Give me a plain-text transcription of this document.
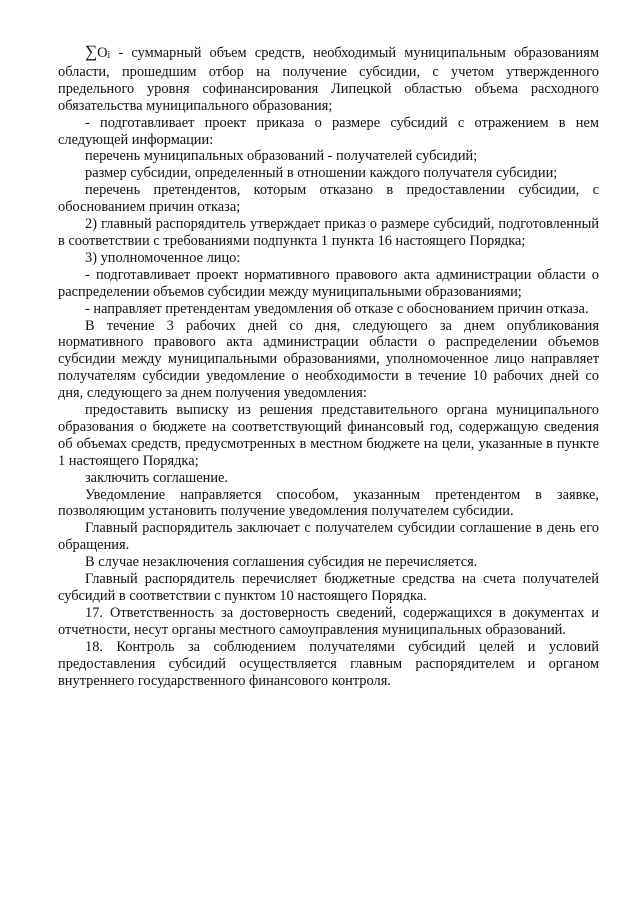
∑Oi - суммарный объем средств, необходимый муниципальным образованиям области, прошедшим отбор на получение субсидии, с учетом утвержденного предельного уровня софинансирования Липецкой областью объема расходного обязательства муниципального образования;

- подготавливает проект приказа о размере субсидий с отражением в нем следующей информации:

перечень муниципальных образований - получателей субсидий;

размер субсидии, определенный в отношении каждого получателя субсидии;

перечень претендентов, которым отказано в предоставлении субсидии, с обоснованием причин отказа;

2) главный распорядитель утверждает приказ о размере субсидий, подготовленный в соответствии с требованиями подпункта 1 пункта 16 настоящего Порядка;

3) уполномоченное лицо:

- подготавливает проект нормативного правового акта администрации области о распределении объемов субсидии между муниципальными образованиями;

- направляет претендентам уведомления об отказе с обоснованием причин отказа.

В течение 3 рабочих дней со дня, следующего за днем опубликования нормативного правового акта администрации области о распределении объемов субсидии между муниципальными образованиями, уполномоченное лицо направляет получателям субсидии уведомление о необходимости в течение 10 рабочих дней со дня, следующего за днем получения уведомления:

предоставить выписку из решения представительного органа муниципального образования о бюджете на соответствующий финансовый год, содержащую сведения об объемах средств, предусмотренных в местном бюджете на цели, указанные в пункте 1 настоящего Порядка;

заключить соглашение.

Уведомление направляется способом, указанным претендентом в заявке, позволяющим установить получение уведомления получателем субсидии.

Главный распорядитель заключает с получателем субсидии соглашение в день его обращения.

В случае незаключения соглашения субсидия не перечисляется.

Главный распорядитель перечисляет бюджетные средства на счета получателей субсидий в соответствии с пунктом 10 настоящего Порядка.

17. Ответственность за достоверность сведений, содержащихся в документах и отчетности, несут органы местного самоуправления муниципальных образований.

18. Контроль за соблюдением получателями субсидий целей и условий предоставления субсидий осуществляется главным распорядителем и органом внутреннего государственного финансового контроля.
